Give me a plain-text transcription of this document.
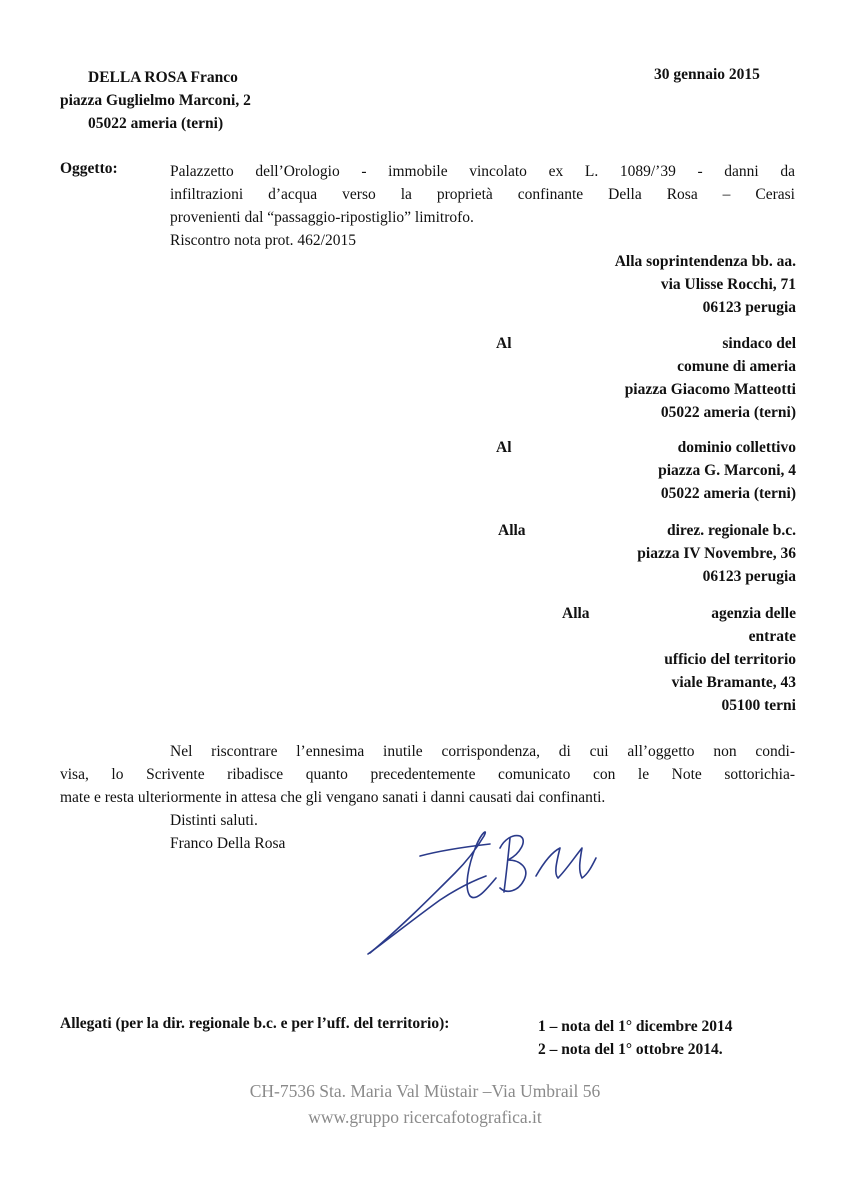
DELLA ROSA Franco
piazza Guglielmo Marconi, 2
05022 ameria (terni)
30 gennaio 2015
Oggetto:	Palazzetto dell’Orologio - immobile vincolato ex L. 1089/’39 - danni da
infiltrazioni d’acqua verso la proprietà confinante Della Rosa – Cerasi
provenienti dal “passaggio-ripostiglio” limitrofo.
Riscontro nota prot. 462/2015
Alla soprintendenza bb. aa.
via Ulisse Rocchi, 71
06123 perugia
Al	sindaco del
comune di ameria
piazza Giacomo Matteotti
05022 ameria (terni)
Al	dominio collettivo
piazza G. Marconi, 4
05022 ameria (terni)
Alla	direz. regionale b.c.
piazza IV Novembre, 36
06123 perugia
Alla	agenzia delle
entrate
ufficio del territorio
viale Bramante, 43
05100 terni
Nel riscontrare l’ennesima inutile corrispondenza, di cui all’oggetto non condi-
visa, lo Scrivente ribadisce quanto precedentemente comunicato con le Note sottorichia-
mate e resta ulteriormente in attesa che gli vengano sanati i danni causati dai confinanti.
Distinti saluti.
Franco Della Rosa
Allegati (per la dir. regionale b.c. e per l’uff. del territorio):	1 – nota del 1° dicembre 2014
2 – nota del 1° ottobre 2014.
CH-7536 Sta. Maria Val Müstair –Via Umbrail 56
www.gruppo ricercafotografica.it
